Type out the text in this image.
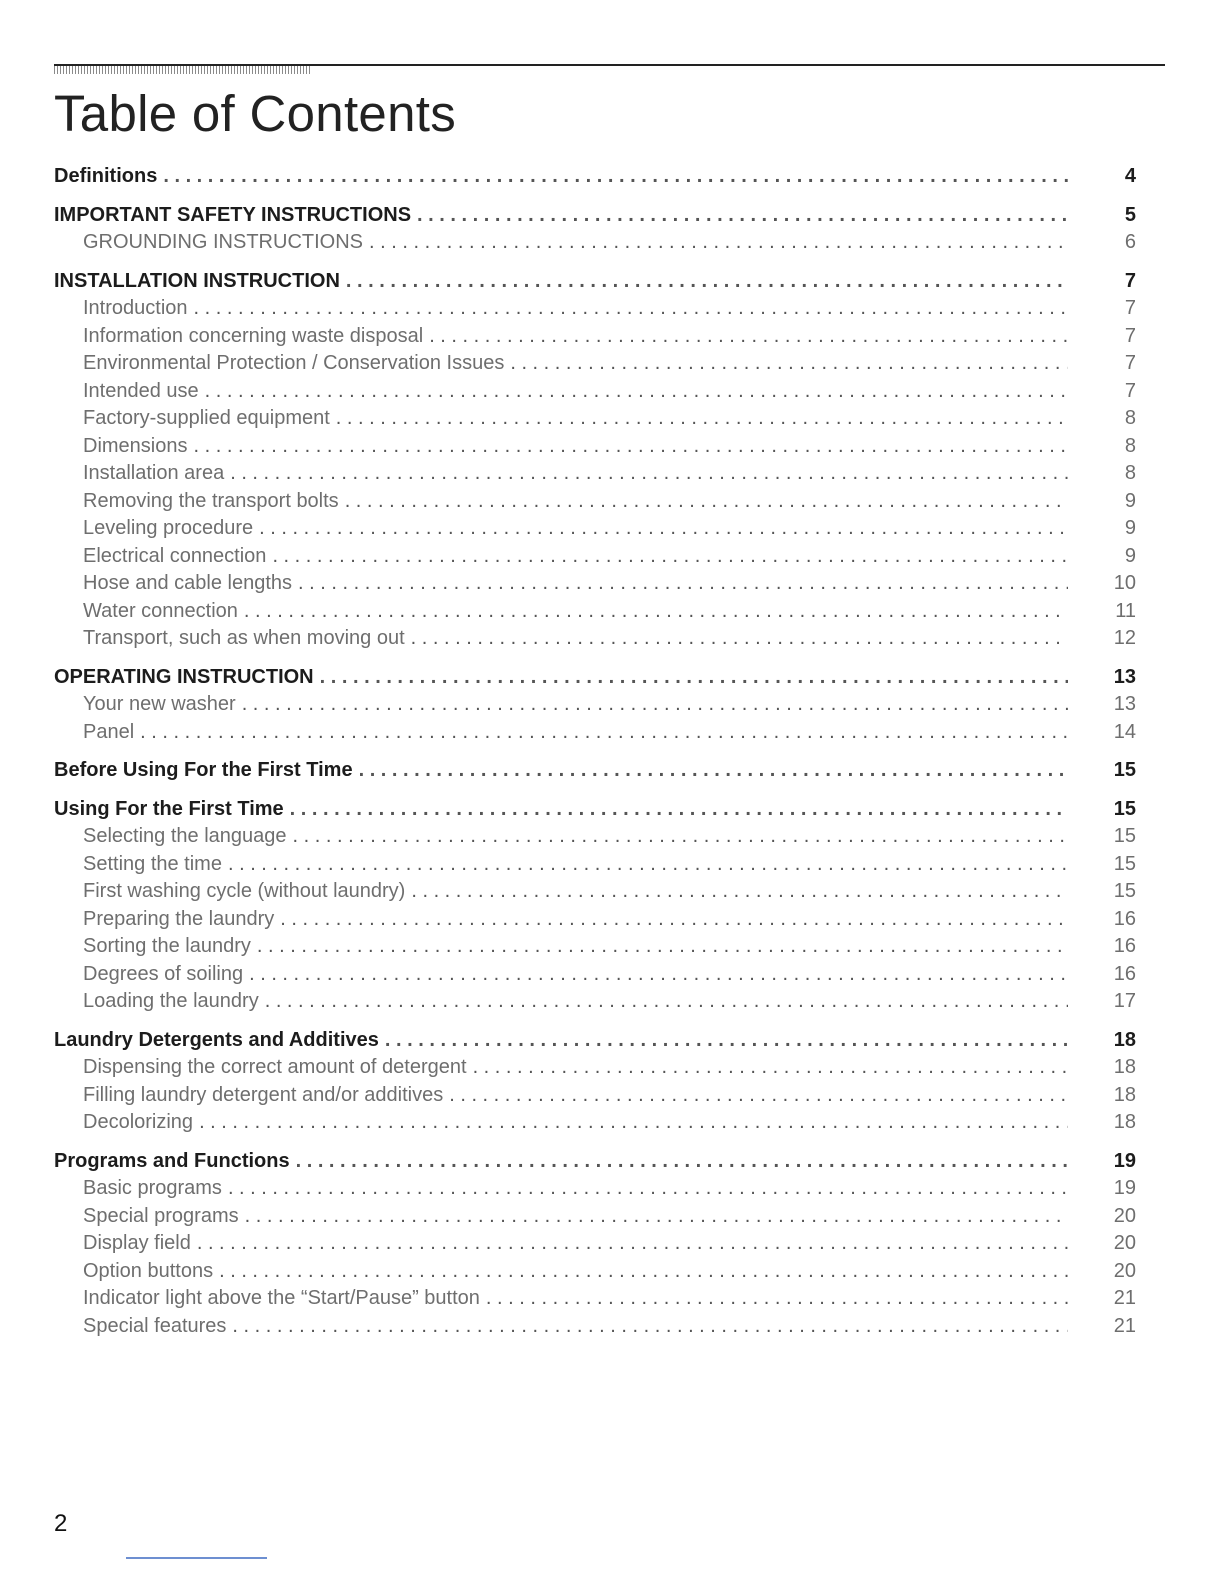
Table of Contents
Definitions . . .	4
IMPORTANT SAFETY INSTRUCTIONS . . .	5
GROUNDING INSTRUCTIONS . . .	6
INSTALLATION INSTRUCTION . . .	7
Introduction . . .	7
Information concerning waste disposal . . .	7
Environmental Protection / Conservation Issues . . .	7
Intended use . . .	7
Factory-supplied equipment . . .	8
Dimensions . . .	8
Installation area . . .	8
Removing the transport bolts . . .	9
Leveling procedure . . .	9
Electrical connection . . .	9
Hose and cable lengths . . .	10
Water connection . . .	11
Transport, such as when moving out . . .	12
OPERATING INSTRUCTION . . .	13
Your new washer . . .	13
Panel . . .	14
Before Using For the First Time . . .	15
Using For the First Time . . .	15
Selecting the language . . .	15
Setting the time . . .	15
First washing cycle (without laundry) . . .	15
Preparing the laundry . . .	16
Sorting the laundry . . .	16
Degrees of soiling . . .	16
Loading the laundry . . .	17
Laundry Detergents and Additives . . .	18
Dispensing the correct amount of detergent . . .	18
Filling laundry detergent and/or additives . . .	18
Decolorizing . . .	18
Programs and Functions . . .	19
Basic programs . . .	19
Special programs . . .	20
Display field . . .	20
Option buttons . . .	20
Indicator light above the “Start/Pause” button . . .	21
Special features . . .	21
2
